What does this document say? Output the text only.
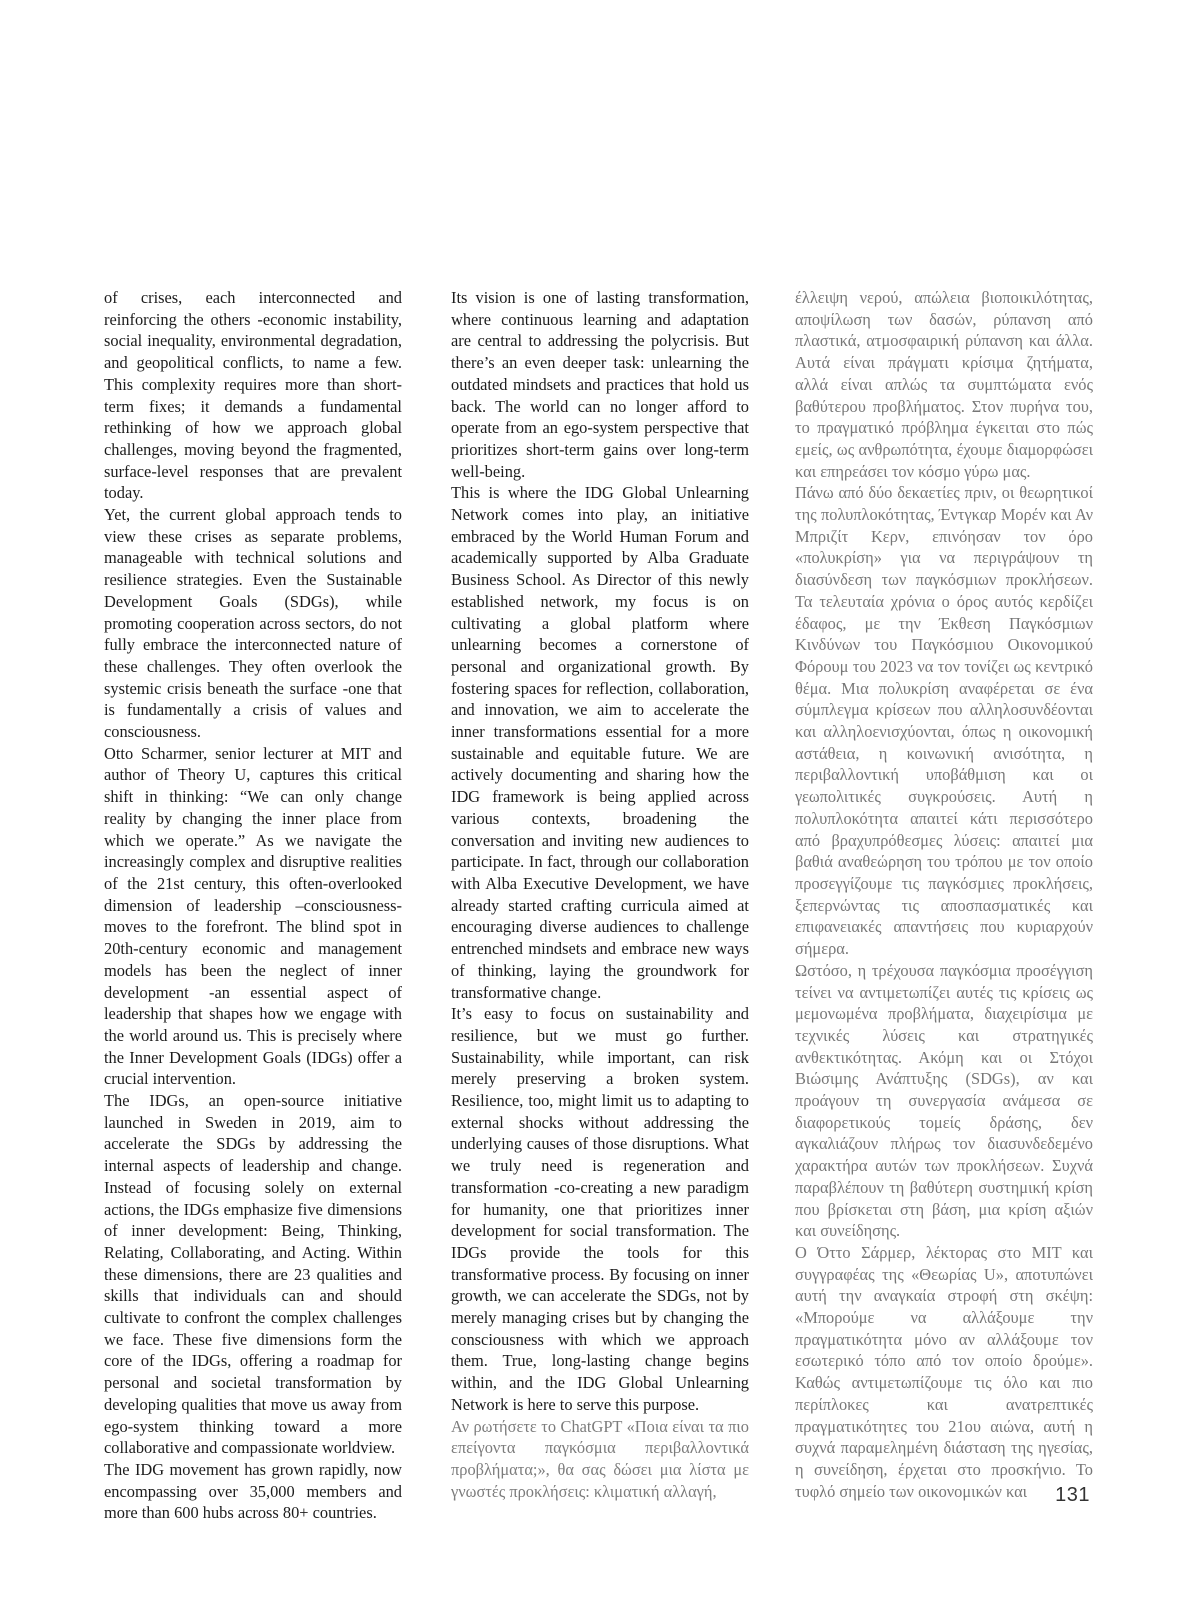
of crises, each interconnected and reinforcing the others -economic instability, social inequality, environmental degradation, and geopolitical conflicts, to name a few. This complexity requires more than short-term fixes; it demands a fundamental rethinking of how we approach global challenges, moving beyond the fragmented, surface-level responses that are prevalent today.

Yet, the current global approach tends to view these crises as separate problems, manageable with technical solutions and resilience strategies. Even the Sustainable Development Goals (SDGs), while promoting cooperation across sectors, do not fully embrace the interconnected nature of these challenges. They often overlook the systemic crisis beneath the surface -one that is fundamentally a crisis of values and consciousness.

Otto Scharmer, senior lecturer at MIT and author of Theory U, captures this critical shift in thinking: “We can only change reality by changing the inner place from which we operate.” As we navigate the increasingly complex and disruptive realities of the 21st century, this often-overlooked dimension of leadership –consciousness- moves to the forefront. The blind spot in 20th-century economic and management models has been the neglect of inner development -an essential aspect of leadership that shapes how we engage with the world around us. This is precisely where the Inner Development Goals (IDGs) offer a crucial intervention.

The IDGs, an open-source initiative launched in Sweden in 2019, aim to accelerate the SDGs by addressing the internal aspects of leadership and change. Instead of focusing solely on external actions, the IDGs emphasize five dimensions of inner development: Being, Thinking, Relating, Collaborating, and Acting. Within these dimensions, there are 23 qualities and skills that individuals can and should cultivate to confront the complex challenges we face. These five dimensions form the core of the IDGs, offering a roadmap for personal and societal transformation by developing qualities that move us away from ego-system thinking toward a more collaborative and compassionate worldview.

The IDG movement has grown rapidly, now encompassing over 35,000 members and more than 600 hubs across 80+ countries.

Its vision is one of lasting transformation, where continuous learning and adaptation are central to addressing the polycrisis. But there’s an even deeper task: unlearning the outdated mindsets and practices that hold us back. The world can no longer afford to operate from an ego-system perspective that prioritizes short-term gains over long-term well-being.

This is where the IDG Global Unlearning Network comes into play, an initiative embraced by the World Human Forum and academically supported by Alba Graduate Business School. As Director of this newly established network, my focus is on cultivating a global platform where unlearning becomes a cornerstone of personal and organizational growth. By fostering spaces for reflection, collaboration, and innovation, we aim to accelerate the inner transformations essential for a more sustainable and equitable future. We are actively documenting and sharing how the IDG framework is being applied across various contexts, broadening the conversation and inviting new audiences to participate. In fact, through our collaboration with Alba Executive Development, we have already started crafting curricula aimed at encouraging diverse audiences to challenge entrenched mindsets and embrace new ways of thinking, laying the groundwork for transformative change.

It’s easy to focus on sustainability and resilience, but we must go further. Sustainability, while important, can risk merely preserving a broken system. Resilience, too, might limit us to adapting to external shocks without addressing the underlying causes of those disruptions. What we truly need is regeneration and transformation -co-creating a new paradigm for humanity, one that prioritizes inner development for social transformation. The IDGs provide the tools for this transformative process. By focusing on inner growth, we can accelerate the SDGs, not by merely managing crises but by changing the consciousness with which we approach them. True, long-lasting change begins within, and the IDG Global Unlearning Network is here to serve this purpose.

Αν ρωτήσετε το ChatGPT «Ποια είναι τα πιο επείγοντα παγκόσμια περιβαλλοντικά προβλήματα;», θα σας δώσει μια λίστα με γνωστές προκλήσεις: κλιματική αλλαγή,

έλλειψη νερού, απώλεια βιοποικιλότητας, αποψίλωση των δασών, ρύπανση από πλαστικά, ατμοσφαιρική ρύπανση και άλλα. Αυτά είναι πράγματι κρίσιμα ζητήματα, αλλά είναι απλώς τα συμπτώματα ενός βαθύτερου προβλήματος. Στον πυρήνα του, το πραγματικό πρόβλημα έγκειται στο πώς εμείς, ως ανθρωπότητα, έχουμε διαμορφώσει και επηρεάσει τον κόσμο γύρω μας.

Πάνω από δύο δεκαετίες πριν, οι θεωρητικοί της πολυπλοκότητας, Έντγκαρ Μορέν και Αν Μπριζίτ Κερν, επινόησαν τον όρο «πολυκρίση» για να περιγράψουν τη διασύνδεση των παγκόσμιων προκλήσεων. Τα τελευταία χρόνια ο όρος αυτός κερδίζει έδαφος, με την Έκθεση Παγκόσμιων Κινδύνων του Παγκόσμιου Οικονομικού Φόρουμ του 2023 να τον τονίζει ως κεντρικό θέμα. Μια πολυκρίση αναφέρεται σε ένα σύμπλεγμα κρίσεων που αλληλοσυνδέονται και αλληλοενισχύονται, όπως η οικονομική αστάθεια, η κοινωνική ανισότητα, η περιβαλλοντική υποβάθμιση και οι γεωπολιτικές συγκρούσεις. Αυτή η πολυπλοκότητα απαιτεί κάτι περισσότερο από βραχυπρόθεσμες λύσεις: απαιτεί μια βαθιά αναθεώρηση του τρόπου με τον οποίο προσεγγίζουμε τις παγκόσμιες προκλήσεις, ξεπερνώντας τις αποσπασματικές και επιφανειακές απαντήσεις που κυριαρχούν σήμερα.

Ωστόσο, η τρέχουσα παγκόσμια προσέγγιση τείνει να αντιμετωπίζει αυτές τις κρίσεις ως μεμονωμένα προβλήματα, διαχειρίσιμα με τεχνικές λύσεις και στρατηγικές ανθεκτικότητας. Ακόμη και οι Στόχοι Βιώσιμης Ανάπτυξης (SDGs), αν και προάγουν τη συνεργασία ανάμεσα σε διαφορετικούς τομείς δράσης, δεν αγκαλιάζουν πλήρως τον διασυνδεδεμένο χαρακτήρα αυτών των προκλήσεων. Συχνά παραβλέπουν τη βαθύτερη συστημική κρίση που βρίσκεται στη βάση, μια κρίση αξιών και συνείδησης.

Ο Όττο Σάρμερ, λέκτορας στο MIT και συγγραφέας της «Θεωρίας U», αποτυπώνει αυτή την αναγκαία στροφή στη σκέψη: «Μπορούμε να αλλάξουμε την πραγματικότητα μόνο αν αλλάξουμε τον εσωτερικό τόπο από τον οποίο δρούμε». Καθώς αντιμετωπίζουμε τις όλο και πιο περίπλοκες και ανατρεπτικές πραγματικότητες του 21ου αιώνα, αυτή η συχνά παραμελημένη διάσταση της ηγεσίας, η συνείδηση, έρχεται στο προσκήνιο. Το τυφλό σημείο των οικονομικών και	131
